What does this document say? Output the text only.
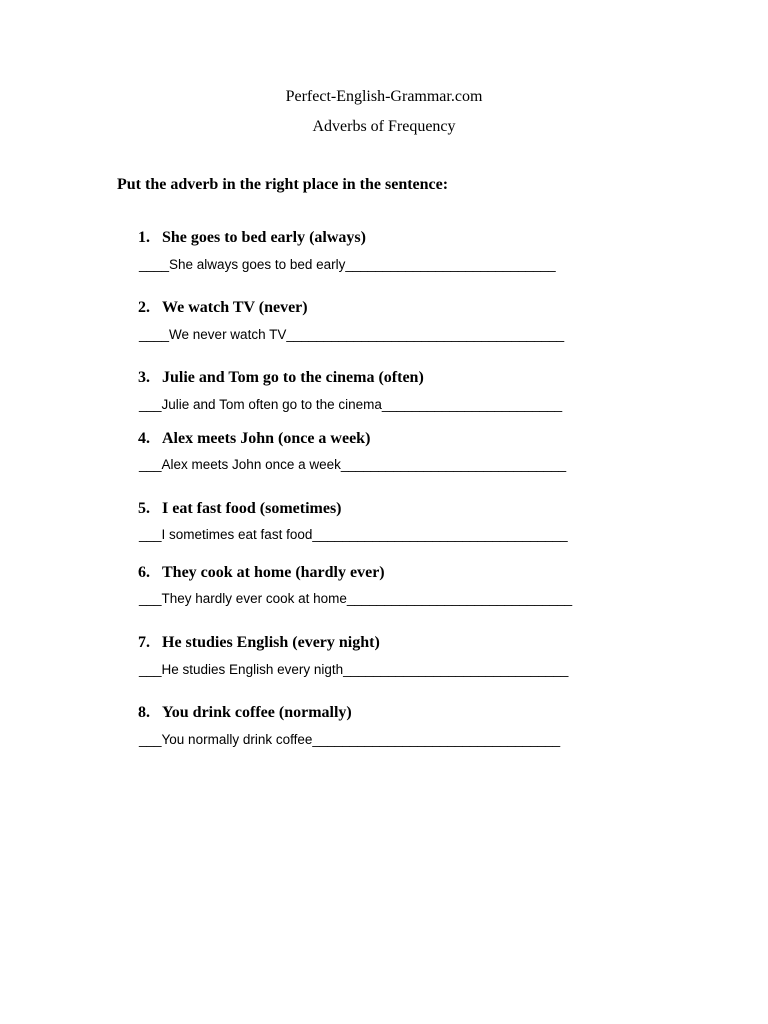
Perfect-English-Grammar.com
Adverbs of Frequency
Put the adverb in the right place in the sentence:
1. She goes to bed early (always)
____She always goes to bed early____________________________
2. We watch TV (never)
____We never watch TV_____________________________________
3. Julie and Tom go to the cinema (often)
___Julie and Tom often go to the cinema________________________
4. Alex meets John (once a week)
___Alex meets John once a week______________________________
5. I eat fast food (sometimes)
___I sometimes eat fast food__________________________________
6. They cook at home (hardly ever)
___They hardly ever cook at home______________________________
7. He studies English (every night)
___He studies English every nigth______________________________
8. You drink coffee (normally)
___You normally drink coffee_________________________________
